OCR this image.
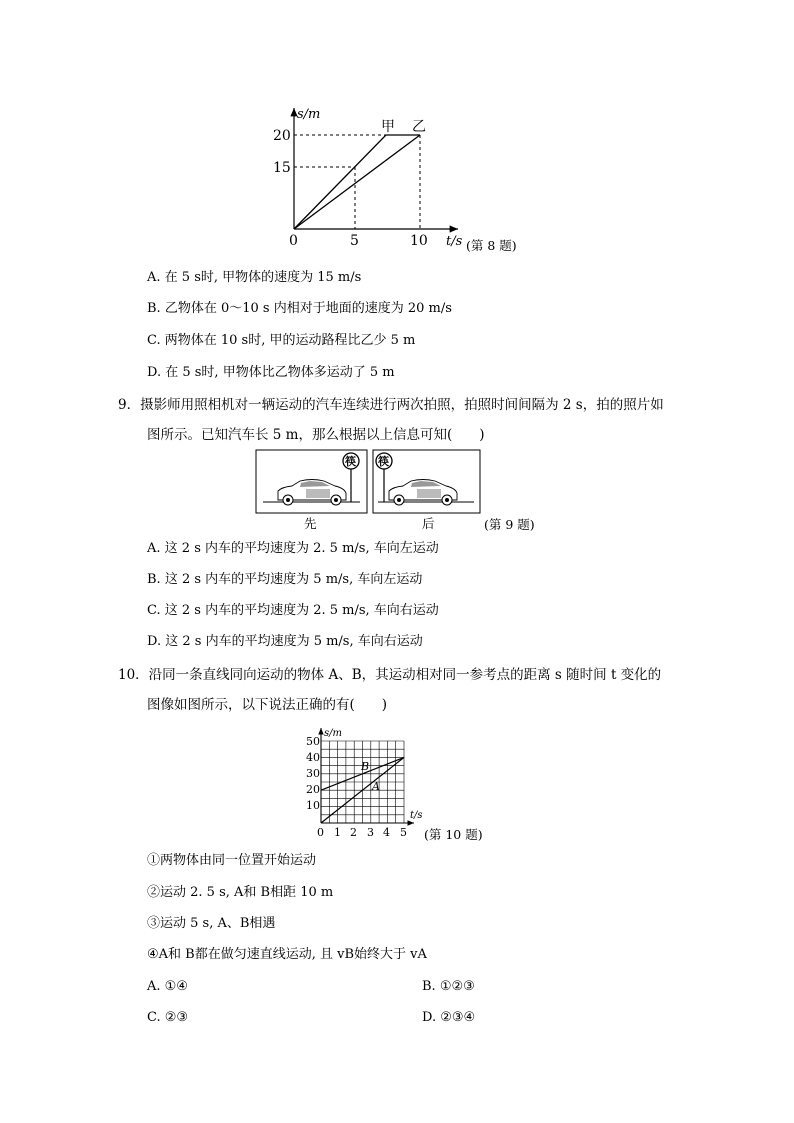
s/m
20
15
0	5	10 t/s
甲 乙
(第 8 题)
A. 在 5 s时, 甲物体的速度为 15 m/s
B. 乙物体在 0～10 s 内相对于地面的速度为 20 m/s
C. 两物体在 10 s时, 甲的运动路程比乙少 5 m
D. 在 5 s时, 甲物体比乙物体多运动了 5 m
9．摄影师用照相机对一辆运动的汽车连续进行两次拍照，拍照时间间隔为 2 s，拍的照片如
图所示。已知汽车长 5 m，那么根据以上信息可知(　　)
筷 筷
先	后	(第 9 题)
A. 这 2 s 内车的平均速度为 2. 5 m/s, 车向左运动
B. 这 2 s 内车的平均速度为 5 m/s, 车向左运动
C. 这 2 s 内车的平均速度为 2. 5 m/s, 车向右运动
D. 这 2 s 内车的平均速度为 5 m/s, 车向右运动
10．沿同一条直线同向运动的物体 A、B，其运动相对同一参考点的距离 s 随时间 t 变化的
图像如图所示，以下说法正确的有(　　)
s/m
t/s
50
40
30
20
10
0 1 2 3 4 5
B
A
(第 10 题)
①两物体由同一位置开始运动
②运动 2. 5 s, A和 B相距 10 m
③运动 5 s, A、B相遇
④A和 B都在做匀速直线运动, 且 vB始终大于 vA
A. ①④	B. ①②③
C. ②③	D. ②③④
